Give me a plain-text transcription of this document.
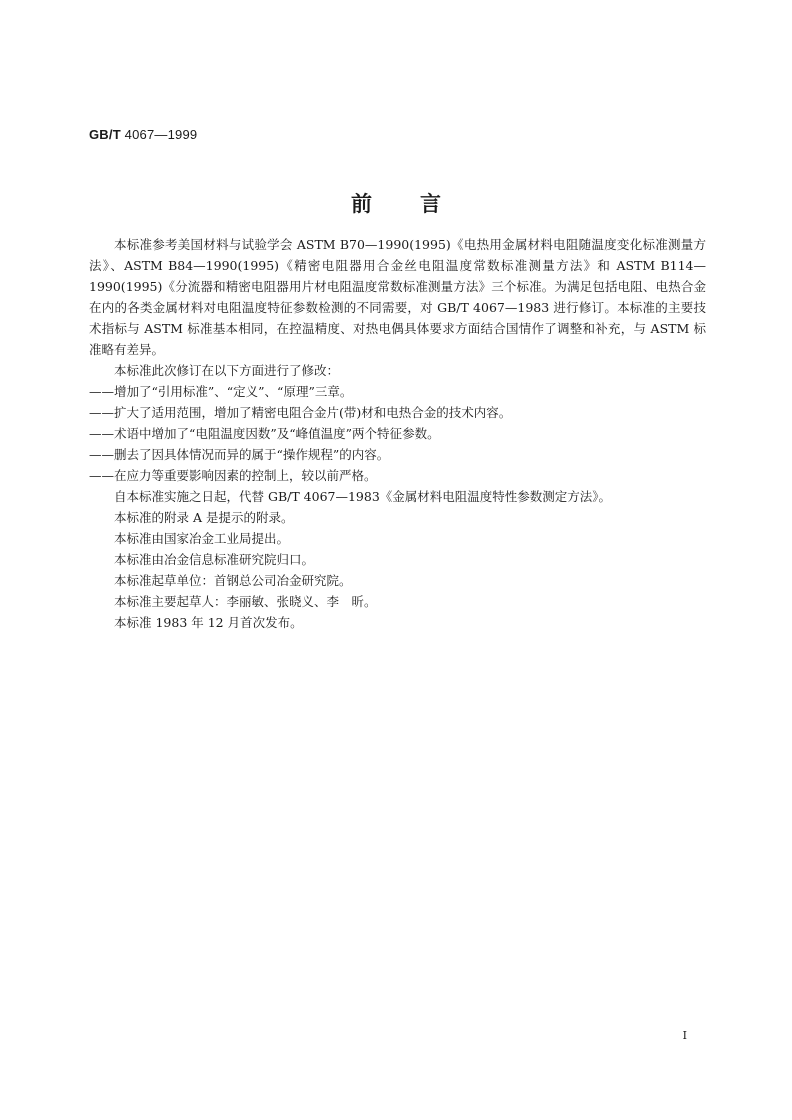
GB/T 4067—1999
前言

本标准参考美国材料与试验学会 ASTM B70—1990(1995)《电热用金属材料电阻随温度变化标准测量方法》、ASTM B84—1990(1995)《精密电阻器用合金丝电阻温度常数标准测量方法》和 ASTM B114—1990(1995)《分流器和精密电阻器用片材电阻温度常数标准测量方法》三个标准。为满足包括电阻、电热合金在内的各类金属材料对电阻温度特征参数检测的不同需要，对 GB/T 4067—1983 进行修订。本标准的主要技术指标与 ASTM 标准基本相同，在控温精度、对热电偶具体要求方面结合国情作了调整和补充，与 ASTM 标准略有差异。

本标准此次修订在以下方面进行了修改：

——增加了“引用标准”、“定义”、“原理”三章。

——扩大了适用范围，增加了精密电阻合金片(带)材和电热合金的技术内容。

——术语中增加了“电阻温度因数”及“峰值温度”两个特征参数。

——删去了因具体情况而异的属于“操作规程”的内容。

——在应力等重要影响因素的控制上，较以前严格。

自本标准实施之日起，代替 GB/T 4067—1983《金属材料电阻温度特性参数测定方法》。

本标准的附录 A 是提示的附录。

本标准由国家冶金工业局提出。

本标准由冶金信息标准研究院归口。

本标准起草单位：首钢总公司冶金研究院。

本标准主要起草人：李丽敏、张晓义、李　昕。

本标准 1983 年 12 月首次发布。

I
